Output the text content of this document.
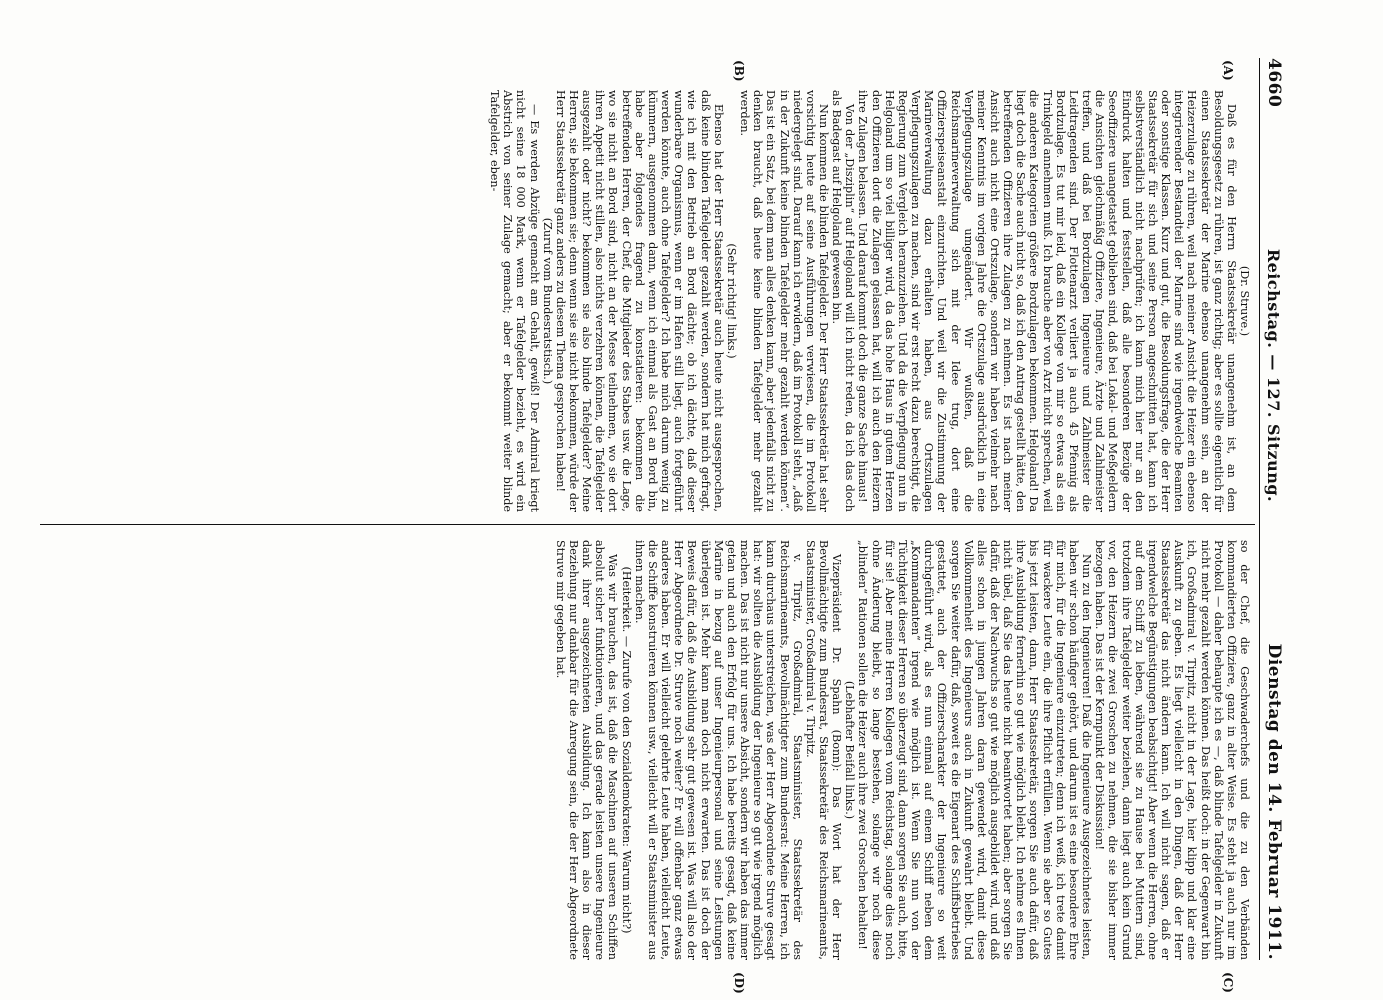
4660
Reichstag. — 127. Sitzung.
Dienstag den 14. Februar 1911.
(A)
(B)
(C)
(D)

(Dr. Struve.)

Daß es für den Herrn Staatssekretär unangenehm ist, an dem Besoldungsgesetz zu rühren, ist ganz richtig; aber es sollte eigentlich für einen Staatssekretär der Marine ebenso unangenehm sein, an der Heizerzulage zu rühren, weil nach meiner Ansicht die Heizer ein ebenso integrierender Bestandteil der Marine sind wie irgendwelche Beamten oder sonstige Klassen. Kurz und gut, die Besoldungsfrage, die der Herr Staatssekretär für sich und seine Person angeschnitten hat, kann ich selbstverständlich nicht nachprüfen; ich kann mich hier nur an den Eindruck halten und feststellen, daß alle besonderen Bezüge der Seeoffiziere unangetastet geblieben sind, daß bei Lokal- und Meßgeldern die Ansichten gleichmäßig Offiziere, Ingenieure, Ärzte und Zahlmeister treffen, und daß bei Bordzulagen Ingenieure und Zahlmeister die Leidtragenden sind. Der Flottenarzt verliert ja auch 45 Pfennig als Bordzulage. Es tut mir leid, daß ein Kollege von mir so etwas als ein Trinkgeld annehmen muß. Ich brauche aber von Arzt nicht sprechen, weil die anderen Kategorien größere Bordzulagen bekommen. Helgoland! Da liegt doch die Sache auch nicht so, daß ich den Antrag gestellt hätte, den betreffenden Offizieren ihre Zulagen zu nehmen. Es ist nach meiner Ansicht auch nicht eine Ortszulage, sondern wir haben vielmehr nach meiner Kenntnis im vorigen Jahre die Ortszulage ausdrücklich in eine Verpflegungszulage umgeändert. Wir wußten, daß die Reichsmarineverwaltung sich mit der Idee trug, dort eine Offizierspeiseanstalt einzurichten. Und weil wir die Zustimmung der Marineverwaltung dazu erhalten haben, aus Ortszulagen Verpflegungszulagen zu machen, sind wir erst recht dazu berechtigt, die Regierung zum Vergleich heranzuziehen. Und da die Verpflegung nun in Helgoland um so viel billiger wird, da das hohe Haus in gutem Herzen den Offizieren dort die Zulagen gelassen hat, will ich auch den Heizern ihre Zulagen belassen. Und darauf kommt doch die ganze Sache hinaus!

Von der „Disziplin“ auf Helgoland will ich nicht reden, da ich das doch als Badegast auf Helgoland gewesen bin.

Nun kommen die blinden Tafelgelder. Der Herr Staatssekretär hat sehr vorsichtig heute auf seine Ausführungen verwiesen, die im Protokoll niedergelegt sind. Darauf kann ich erwidern, daß im Protokoll steht, „daß in der Zukunft keine blinden Tafelgelder mehr gezahlt werden können“. Das ist ein Satz, bei dem man alles denken kann, aber jedenfalls nicht zu denken braucht, daß heute keine blinden Tafelgelder mehr gezahlt werden.

(Sehr richtig! links.)

Ebenso hat der Herr Staatssekretär auch heute nicht ausgesprochen, daß keine blinden Tafelgelder gezahlt werden, sondern hat mich gefragt, wie ich mit den Betrieb an Bord dächte; ob ich dächte, daß dieser wunderbare Organismus, wenn er im Hafen still liegt, auch fortgeführt werden könnte, auch ohne Tafelgelder? Ich habe mich darum wenig zu kümmern, ausgenommen dann, wenn ich einmal als Gast an Bord bin, habe aber folgendes fragend zu konstatieren: bekommen die betreffenden Herren, der Chef, die Mitglieder des Stabes usw. die Lage, wo sie nicht an Bord sind, nicht an der Messe teilnehmen, wo sie dort ihren Appetit nicht stillen, also nichts verzehren können, die Tafelgelder ausgezahlt oder nicht? bekommen sie also blinde Tafelgelder? Meine Herren, sie bekommen sie; denn wenn sie sie nicht bekommen, würde der Herr Staatssekretär ganz anders zu diesem Thema gesprochen haben!

(Zuruf vom Bundesratstisch.)

— Es werden Abzüge gemacht am Gehalt, gewiß! Der Admiral kriegt nicht seine 18 000 Mark, wenn er Tafelgelder bezieht, es wird ein Abstrich von seiner Zulage gemacht; aber er bekommt weiter blinde Tafelgelder, eben-

so der Chef, die Geschwaderchefs und die zu den Verbänden kommandierten Offiziere, ganz in alter Weise. Es steht ja auch nur im Protokoll — daher behaupte ich es —, daß blinde Tafelgelder in Zukunft nicht mehr gezahlt werden können. Das heißt doch: in der Gegenwart bin ich, Großadmiral v. Tirpitz, nicht in der Lage, hier klipp und klar eine Auskunft zu geben. Es liegt vielleicht in den Dingen, daß der Herr Staatssekretär das nicht ändern kann. Ich will nicht sagen, daß er irgendwelche Begünstigungen beabsichtigt! Aber wenn die Herren, ohne auf dem Schiff zu leben, während sie zu Hause bei Muttern sind, trotzdem ihre Tafelgelder weiter beziehen, dann liegt auch kein Grund vor, den Heizern die zwei Groschen zu nehmen, die sie bisher immer bezogen haben. Das ist der Kernpunkt der Diskussion!

Nun zu den Ingenieuren! Daß die Ingenieure Ausgezeichnetes leisten, haben wir schon häufiger gehört, und darum ist es eine besondere Ehre für mich, für die Ingenieure einzutreten; denn ich weiß, ich trete damit für wackere Leute ein, die ihre Pflicht erfüllen. Wenn sie aber so Gutes bis jetzt leisten, dann, Herr Staatssekretär, sorgen Sie auch dafür, daß ihre Ausbildung fernerhin so gut wie möglich bleibt. Ich nehme es Ihnen nicht übel, daß Sie das heute nicht beantwortet haben; aber sorgen Sie dafür, daß der Nachwuchs so gut wie möglich ausgebildet wird, und daß alles schon in jungen Jahren daran gewendet wird, damit diese Vollkommenheit des Ingenieurs auch in Zukunft gewahrt bleibt. Und sorgen Sie weiter dafür, daß, soweit es die Eigenart des Schiffsbetriebes gestattet, auch der Offizierscharakter der Ingenieure so weit durchgeführt wird, als es nun einmal auf einem Schiff neben dem „Kommandanten“ irgend wie möglich ist. Wenn Sie nun von der Tüchtigkeit dieser Herren so überzeugt sind, dann sorgen Sie auch, bitte, für sie! Aber meine Herren Kollegen vom Reichstag, solange dies noch ohne Änderung bleibt, so lange bestehen, solange wir noch diese „blinden“ Rationen sollen die Heizer auch ihre zwei Groschen behalten!

(Lebhafter Beifall links.)

Vizepräsident Dr. Spahn (Bonn): Das Wort hat der Herr Bevollmächtigte zum Bundesrat, Staatssekretär des Reichsmarineamts, Staatsminister, Großadmiral v. Tirpitz.

v. Tirpitz, Großadmiral, Staatsminister, Staatssekretär des Reichsmarineamts, Bevollmächtigter zum Bundesrat: Meine Herren, ich kann durchaus unterstreichen, was der Herr Abgeordnete Struve gesagt hat: wir sollten die Ausbildung der Ingenieure so gut wie irgend möglich machen. Das ist nicht nur unsere Absicht, sondern wir haben das immer getan und auch den Erfolg für uns. Ich habe bereits gesagt, daß keine Marine in bezug auf unser Ingenieurpersonal und seine Leistungen überlegen ist. Mehr kann man doch nicht erwarten. Das ist doch der Beweis dafür, daß die Ausbildung sehr gut gewesen ist. Was will also der Herr Abgeordnete Dr. Struve noch weiter? Er will offenbar ganz etwas anderes haben. Er will vielleicht gelehrte Leute haben, vielleicht Leute, die Schiffe konstruieren können usw., vielleicht will er Staatsminister aus ihnen machen.

(Heiterkeit. — Zurufe von den Sozialdemokraten: Warum nicht?)

Was wir brauchen, das ist, daß die Maschinen auf unseren Schiffen absolut sicher funktionieren, und das gerade leisten unsere Ingenieure dank ihrer ausgezeichneten Ausbildung. Ich kann also in dieser Beziehung nur dankbar für die Anregung sein, die der Herr Abgeordnete Struve mir gegeben hat.
